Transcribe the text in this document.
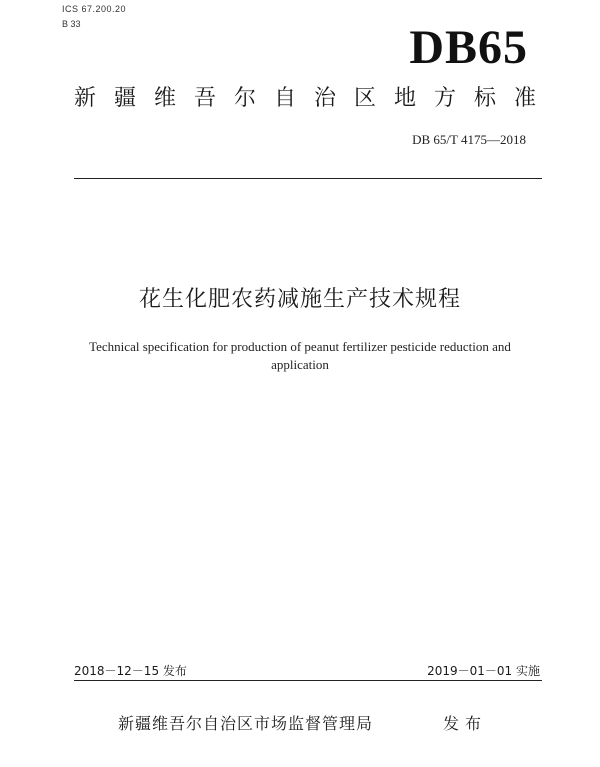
ICS 67.200.20
B 33	DB65
新疆维吾尔自治区地方标准
DB 65/T 4175—2018
花生化肥农药减施生产技术规程
Technical specification for production of peanut fertilizer pesticide reduction and
application
2018－12－15 发布	2019－01－01 实施
新疆维吾尔自治区市场监督管理局	发布
